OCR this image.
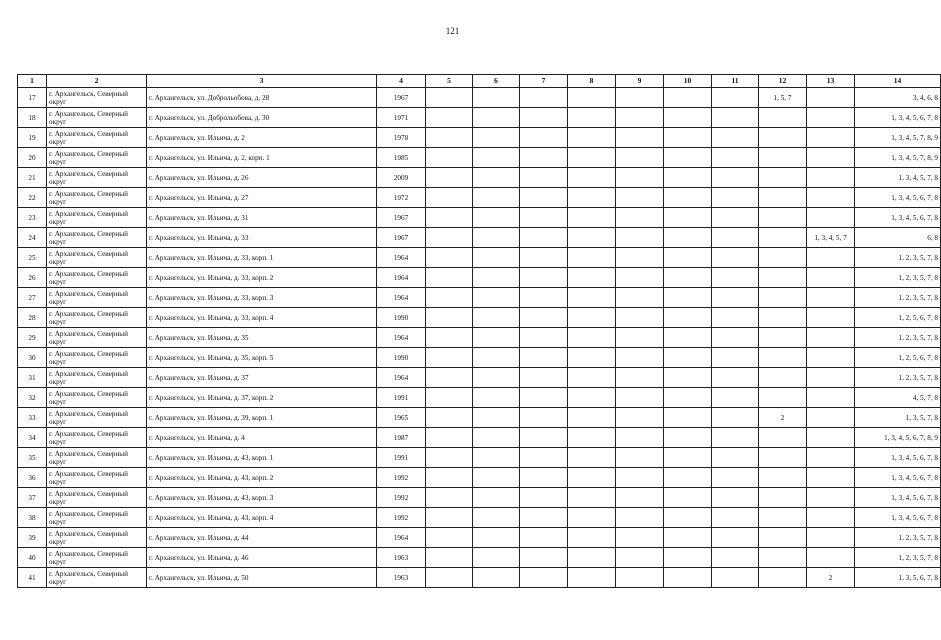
121
1	2	3	4	5	6	7	8	9	10	11	12	13	14
17	г. Архангельск, Северный округ	г. Архангельск, ул. Доброльобова, д. 28	1967								1, 5, 7		3, 4, 6, 8
18	г. Архангельск, Северный округ	г. Архангельск, ул. Доброльобова, д. 30	1971										1, 3, 4, 5, 6, 7, 8
19	г. Архангельск, Северный округ	г. Архангельск, ул. Ильича, д. 2	1978										1, 3, 4, 5, 7, 8, 9
20	г. Архангельск, Северный округ	г. Архангельск, ул. Ильича, д. 2, корп. 1	1985										1, 3, 4, 5, 7, 8, 9
21	г. Архангельск, Северный округ	г. Архангельск, ул. Ильича, д. 26	2009										1, 3, 4, 5, 7, 8
22	г. Архангельск, Северный округ	г. Архангельск, ул. Ильича, д. 27	1972										1, 3, 4, 5, 6, 7, 8
23	г. Архангельск, Северный округ	г. Архангельск, ул. Ильича, д. 31	1967										1, 3, 4, 5, 6, 7, 8
24	г. Архангельск, Северный округ	г. Архангельск, ул. Ильича, д. 33	1967									1, 3, 4, 5, 7	6, 8
25	г. Архангельск, Северный округ	г. Архангельск, ул. Ильича, д. 33, корп. 1	1964										1, 2, 3, 5, 7, 8
26	г. Архангельск, Северный округ	г. Архангельск, ул. Ильича, д. 33, корп. 2	1964										1, 2, 3, 5, 7, 8
27	г. Архангельск, Северный округ	г. Архангельск, ул. Ильича, д. 33, корп. 3	1964										1, 2, 3, 5, 7, 8
28	г. Архангельск, Северный округ	г. Архангельск, ул. Ильича, д. 33, корп. 4	1990										1, 2, 5, 6, 7, 8
29	г. Архангельск, Северный округ	г. Архангельск, ул. Ильича, д. 35	1964										1, 2, 3, 5, 7, 8
30	г. Архангельск, Северный округ	г. Архангельск, ул. Ильича, д. 35, корп. 5	1990										1, 2, 5, 6, 7, 8
31	г. Архангельск, Северный округ	г. Архангельск, ул. Ильича, д. 37	1964										1, 2, 3, 5, 7, 8
32	г. Архангельск, Северный округ	г. Архангельск, ул. Ильича, д. 37, корп. 2	1991										4, 5, 7, 8
33	г. Архангельск, Северный округ	г. Архангельск, ул. Ильича, д. 39, корп. 1	1965								2		1, 3, 5, 7, 8
34	г. Архангельск, Северный округ	г. Архангельск, ул. Ильича, д. 4	1987										1, 3, 4, 5, 6, 7, 8, 9
35	г. Архангельск, Северный округ	г. Архангельск, ул. Ильича, д. 43, корп. 1	1991										1, 3, 4, 5, 6, 7, 8
36	г. Архангельск, Северный округ	г. Архангельск, ул. Ильича, д. 43, корп. 2	1992										1, 3, 4, 5, 6, 7, 8
37	г. Архангельск, Северный округ	г. Архангельск, ул. Ильича, д. 43, корп. 3	1992										1, 3, 4, 5, 6, 7, 8
38	г. Архангельск, Северный округ	г. Архангельск, ул. Ильича, д. 43, корп. 4	1992										1, 3, 4, 5, 6, 7, 8
39	г. Архангельск, Северный округ	г. Архангельск, ул. Ильича, д. 44	1964										1, 2, 3, 5, 7, 8
40	г. Архангельск, Северный округ	г. Архангельск, ул. Ильича, д. 46	1963										1, 2, 3, 5, 7, 8
41	г. Архангельск, Северный округ	г. Архангельск, ул. Ильича, д. 50	1963									2	1, 3, 5, 6, 7, 8
